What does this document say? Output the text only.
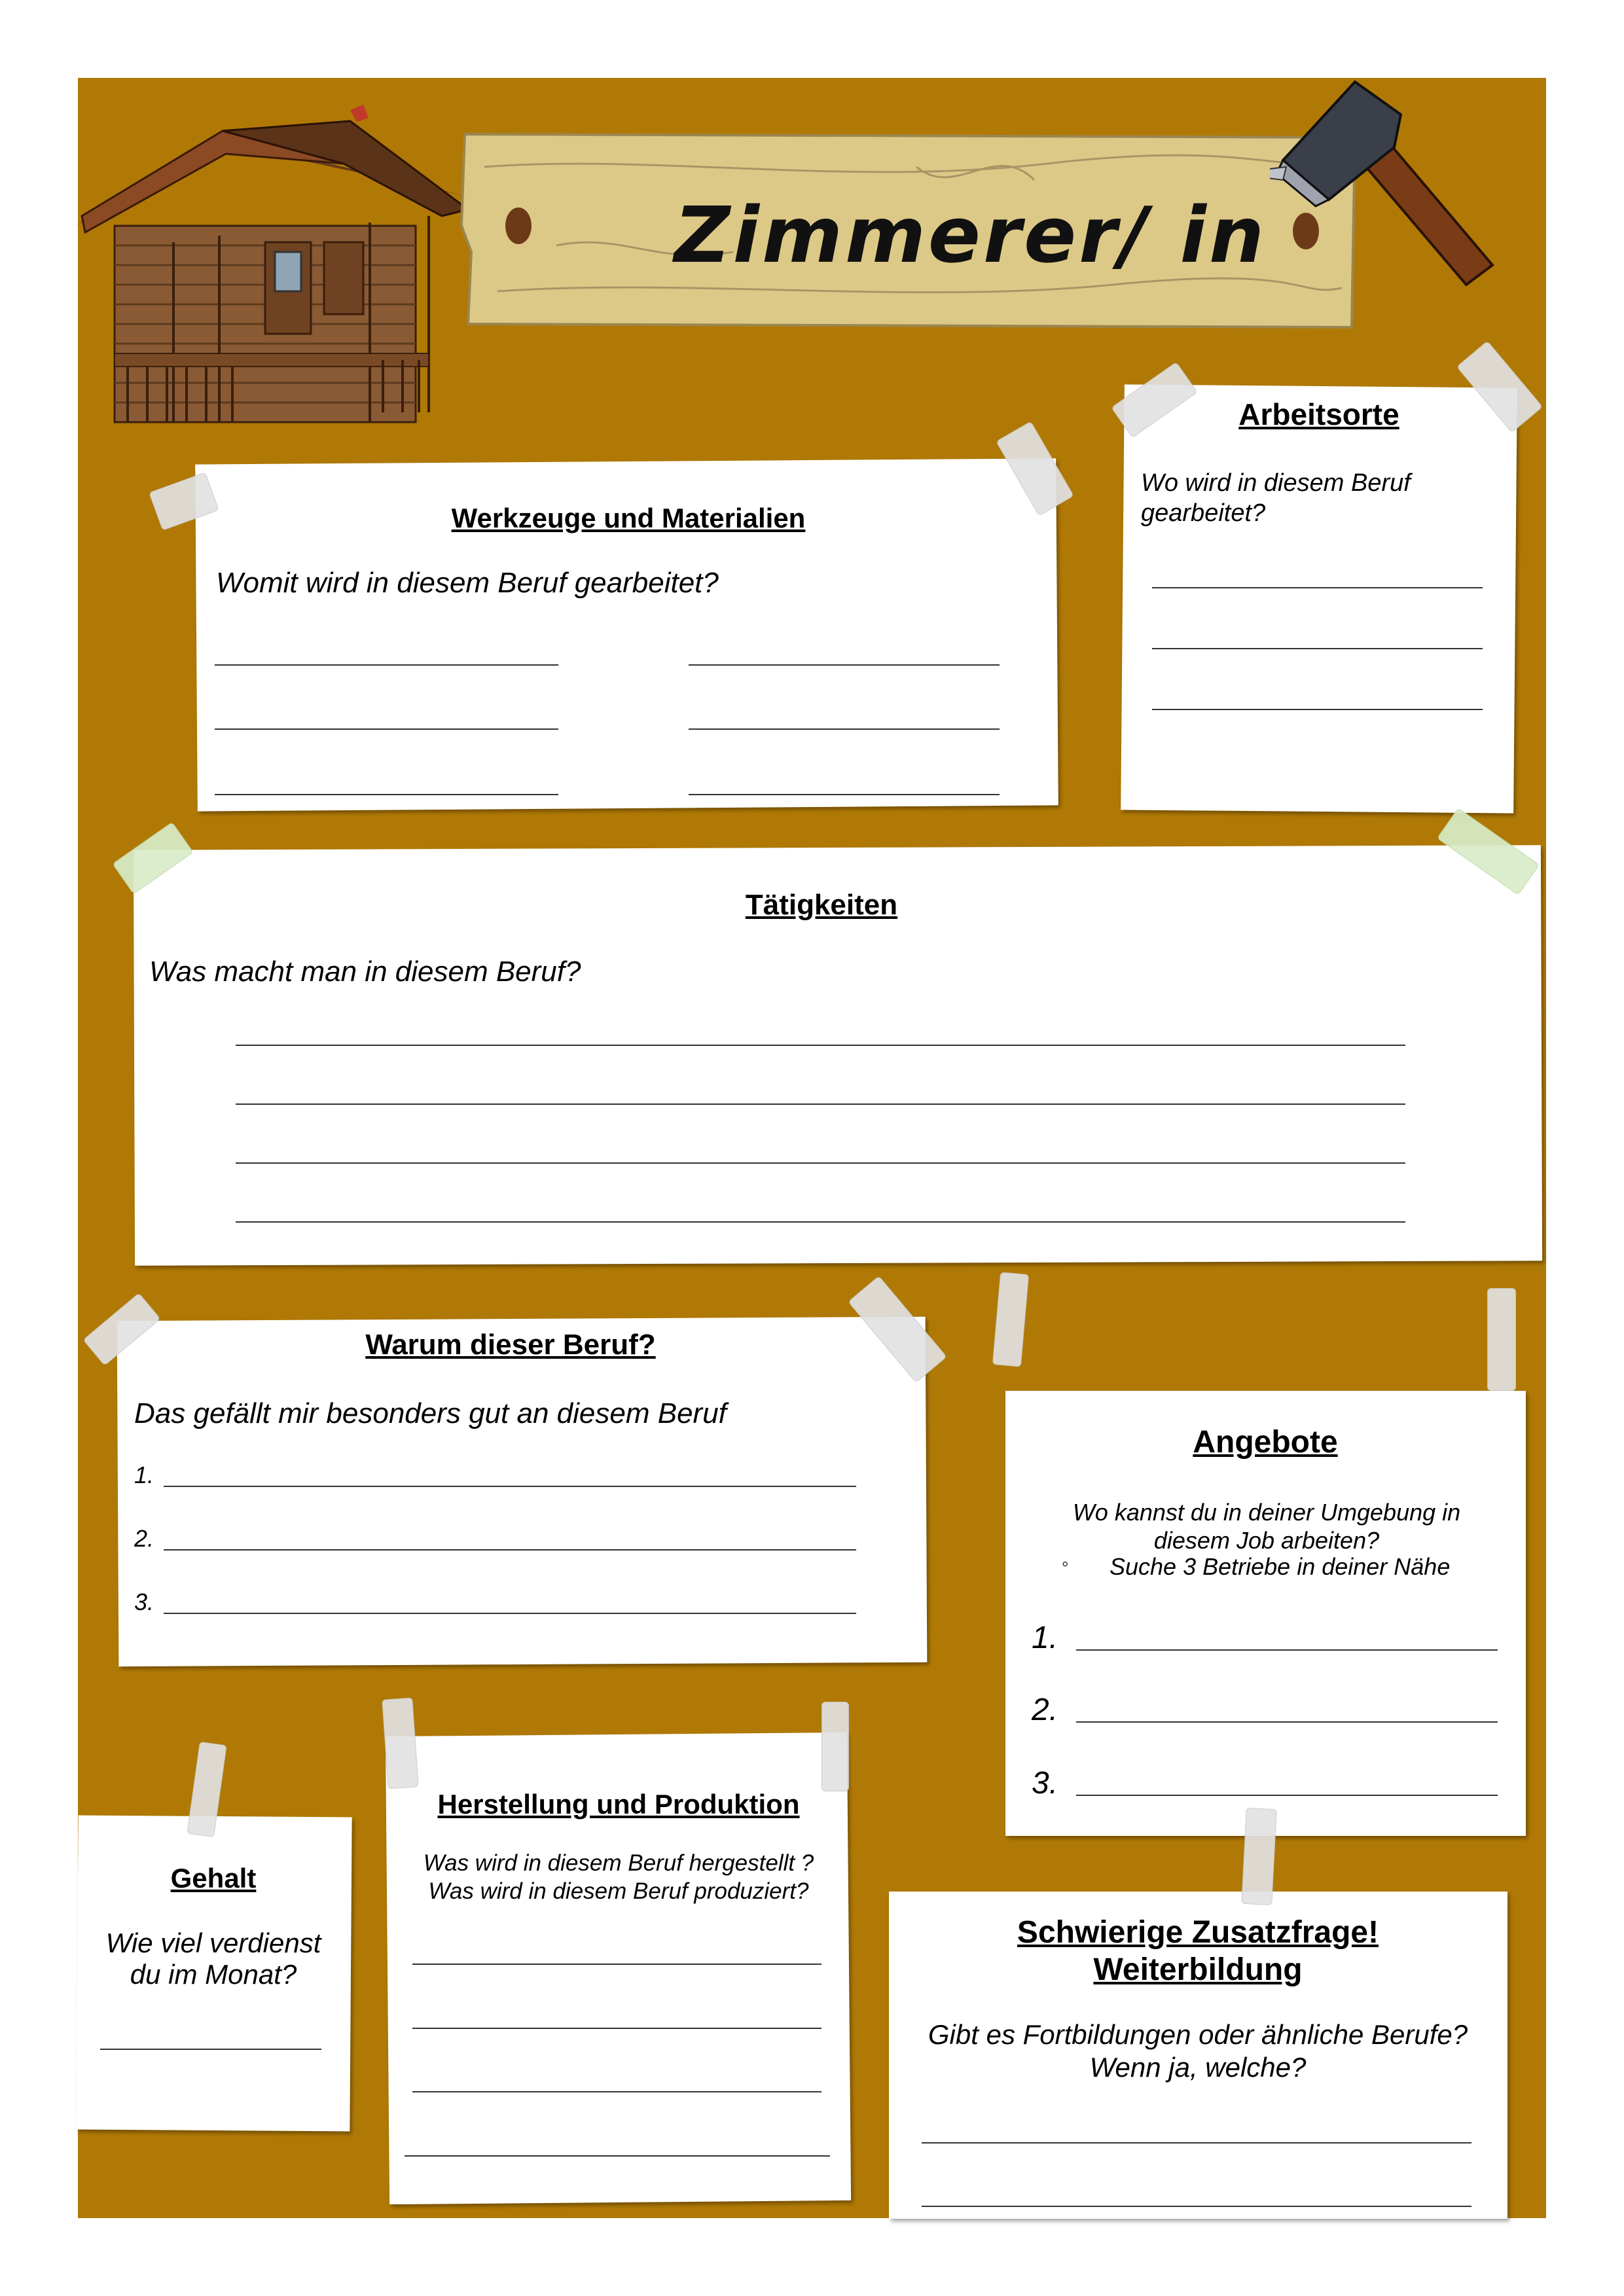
Zimmerer/ in
Werkzeuge und Materialien
Womit wird in diesem Beruf gearbeitet?
Arbeitsorte
Wo wird in diesem Beruf
gearbeitet?
Tätigkeiten
Was macht man in diesem Beruf?
Warum dieser Beruf?
Das gefällt mir besonders gut an diesem Beruf
1.
2.
3.
Angebote
Wo kannst du in deiner Umgebung in
diesem Job arbeiten?
◦ Suche 3 Betriebe in deiner Nähe
1.
2.
3.
Gehalt
Wie viel verdienst
du im Monat?
Herstellung und Produktion
Was wird in diesem Beruf hergestellt ?
Was wird in diesem Beruf produziert?
Schwierige Zusatzfrage!
Weiterbildung
Gibt es Fortbildungen oder ähnliche Berufe?
Wenn ja, welche?
